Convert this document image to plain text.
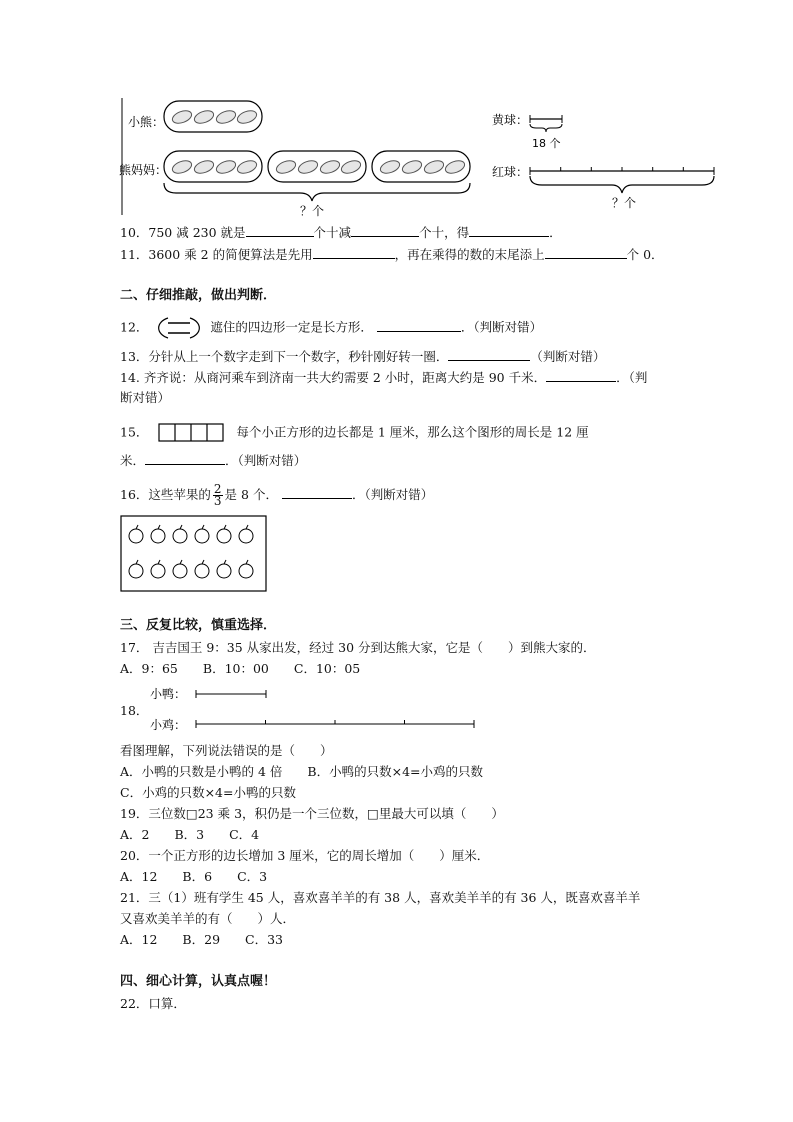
小熊：
熊妈妈：
？个
黄球：
18 个
红球：
？个
10．750 减 230 就是	个十减	个十，得	．
11．3600 乘 2 的简便算法是先用	，再在乘得的数的末尾添上	个 0．
二、仔细推敲，做出判断．
12．	遮住的四边形一定是长方形．	．（判断对错）
13．分针从上一个数字走到下一个数字，秒针刚好转一圈．	（判断对错）
14. 齐齐说：从商河乘车到济南一共大约需要 2 小时，距离大约是 90 千米．	．（判
断对错）
15．	每个小正方形的边长都是 1 厘米，那么这个图形的周长是 12 厘
米．	．（判断对错）
16．这些苹果的 $\frac{2}{3}$ 是 8 个．	．（判断对错）
三、反复比较，慎重选择．
17． 吉吉国王 9：35 从家出发，经过 30 分到达熊大家，它是（　　）到熊大家的．
A．9：65　　B．10：00　　C．10：05
18．
小鸭：
小鸡：
看图理解，下列说法错误的是（　　）
A．小鸭的只数是小鸭的 4 倍　　B．小鸭的只数×4=小鸡的只数
C．小鸡的只数×4=小鸭的只数
19．三位数□23 乘 3，积仍是一个三位数，□里最大可以填（　　）
A．2　　B．3　　C．4
20．一个正方形的边长增加 3 厘米，它的周长增加（　　）厘米．
A．12　　B．6　　C．3
21．三（1）班有学生 45 人，喜欢喜羊羊的有 38 人，喜欢美羊羊的有 36 人，既喜欢喜羊羊
又喜欢美羊羊的有（　　）人．
A．12　　B．29　　C．33
四、细心计算，认真点喔！
22．口算．
